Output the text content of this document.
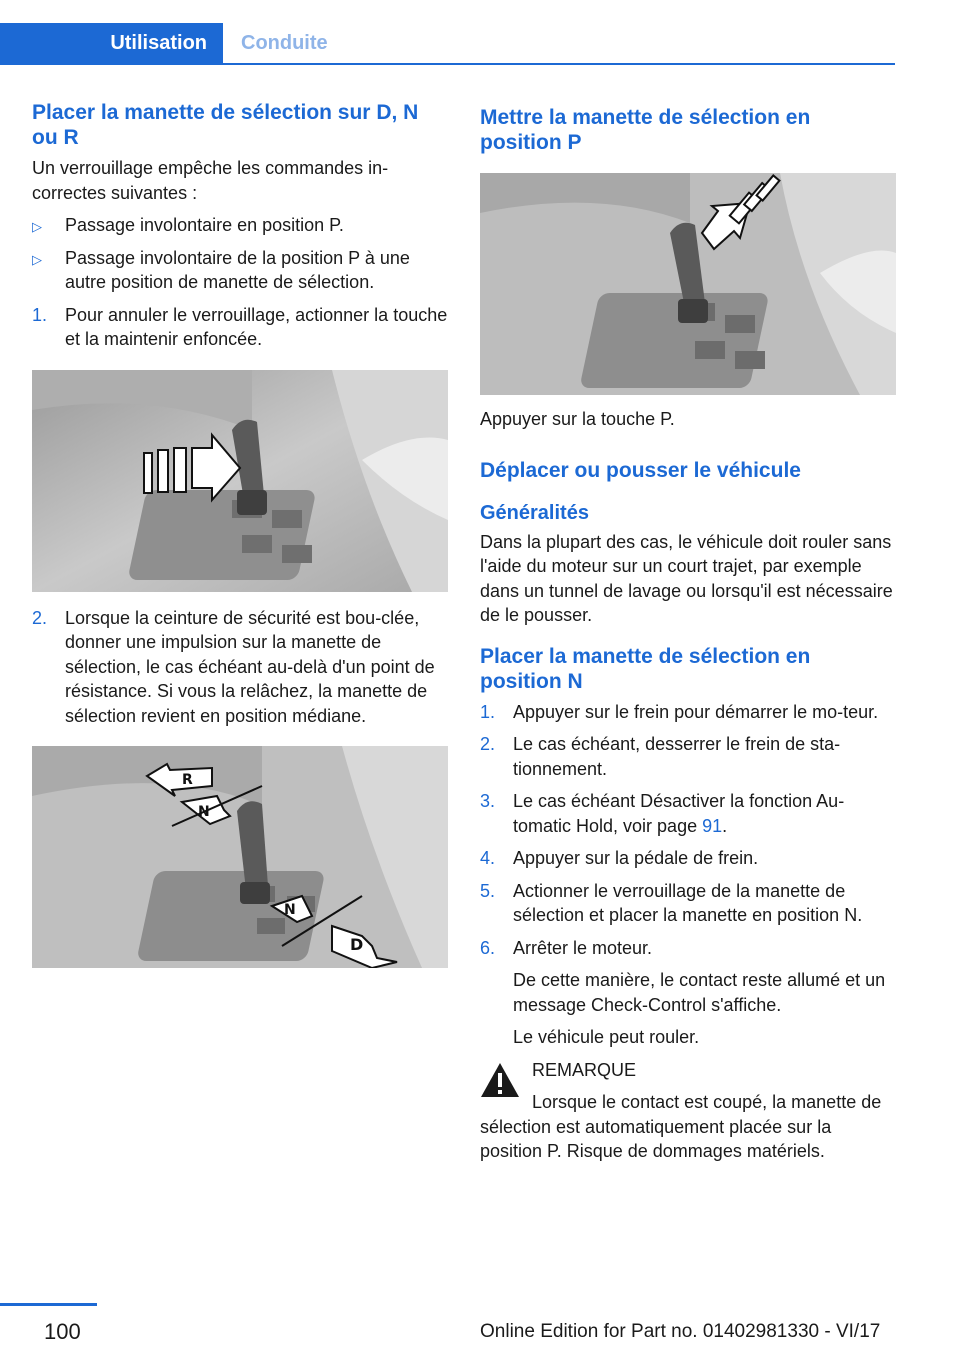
Utilisation	Conduite
Placer la manette de sélection sur D, N ou R

Un verrouillage empêche les commandes in-correctes suivantes :

▷ Passage involontaire en position P.
▷ Passage involontaire de la position P à une autre position de manette de sélection.
1. Pour annuler le verrouillage, actionner la touche et la maintenir enfoncée.
2. Lorsque la ceinture de sécurité est bou-clée, donner une impulsion sur la manette de sélection, le cas échéant au-delà d'un point de résistance. Si vous la relâchez, la manette de sélection revient en position médiane.
R
N
N
D
Mettre la manette de sélection en position P

Appuyer sur la touche P.

Déplacer ou pousser le véhicule
Généralités

Dans la plupart des cas, le véhicule doit rouler sans l'aide du moteur sur un court trajet, par exemple dans un tunnel de lavage ou lorsqu'il est nécessaire de le pousser.

Placer la manette de sélection en position N
1. Appuyer sur le frein pour démarrer le mo-teur.
2. Le cas échéant, desserrer le frein de sta-tionnement.
3. Le cas échéant Désactiver la fonction Au-tomatic Hold, voir page 91.
4. Appuyer sur la pédale de frein.
5. Actionner le verrouillage de la manette de sélection et placer la manette en position N.
6. Arrêter le moteur.
De cette manière, le contact reste allumé et un message Check-Control s'affiche.
Le véhicule peut rouler.
REMARQUE
Lorsque le contact est coupé, la manette de sélection est automatiquement placée sur la position P. Risque de dommages matériels.
100	Online Edition for Part no. 01402981330 - VI/17
